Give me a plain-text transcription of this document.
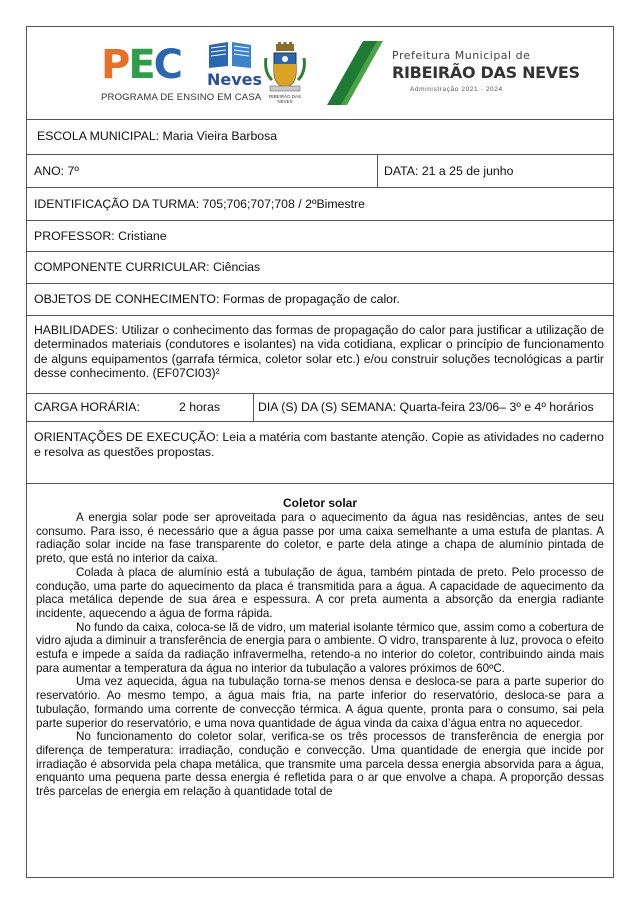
PEC Neves
PROGRAMA DE ENSINO EM CASA	RIBEIRÃO DAS NEVES
Prefeitura Municipal de
RIBEIRÃO DAS NEVES
Administração 2021 · 2024
ESCOLA MUNICIPAL: Maria Vieira Barbosa
ANO: 7º	DATA: 21 a 25 de junho
IDENTIFICAÇÃO DA TURMA: 705;706;707;708 / 2ºBimestre
PROFESSOR: Cristiane
COMPONENTE CURRICULAR: Ciências
OBJETOS DE CONHECIMENTO: Formas de propagação de calor.
HABILIDADES: Utilizar o conhecimento das formas de propagação do calor para justificar a utilização de determinados materiais (condutores e isolantes) na vida cotidiana, explicar o princípio de funcionamento de alguns equipamentos (garrafa térmica, coletor solar etc.) e/ou construir soluções tecnológicas a partir desse conhecimento. (EF07CI03)²
CARGA HORÁRIA:	2 horas	DIA (S) DA (S) SEMANA: Quarta-feira 23/06– 3º e 4º horários
ORIENTAÇÕES DE EXECUÇÃO: Leia a matéria com bastante atenção. Copie as atividades no caderno e resolva as questões propostas.
Coletor solar

A energia solar pode ser aproveitada para o aquecimento da água nas residências, antes de seu consumo. Para isso, é necessário que a água passe por uma caixa semelhante a uma estufa de plantas. A radiação solar incide na fase transparente do coletor, e parte dela atinge a chapa de alumínio pintada de preto, que está no interior da caixa.

Colada à placa de alumínio está a tubulação de água, também pintada de preto. Pelo processo de condução, uma parte do aquecimento da placa é transmitida para a água. A capacidade de aquecimento da placa metálica depende de sua área e espessura. A cor preta aumenta a absorção da energia radiante incidente, aquecendo a água de forma rápida.

No fundo da caixa, coloca-se lã de vidro, um material isolante térmico que, assim como a cobertura de vidro ajuda a diminuir a transferência de energia para o ambiente. O vidro, transparente à luz, provoca o efeito estufa e impede a saída da radiação infravermelha, retendo-a no interior do coletor, contribuindo ainda mais para aumentar a temperatura da água no interior da tubulação a valores próximos de 60ºC.

Uma vez aquecida, água na tubulação torna-se menos densa e desloca-se para a parte superior do reservatório. Ao mesmo tempo, a água mais fria, na parte inferior do reservatório, desloca-se para a tubulação, formando uma corrente de convecção térmica. A água quente, pronta para o consumo, sai pela parte superior do reservatório, e uma nova quantidade de água vinda da caixa d’água entra no aquecedor.

No funcionamento do coletor solar, verifica-se os três processos de transferência de energia por diferença de temperatura: irradiação, condução e convecção. Uma quantidade de energia que incide por irradiação é absorvida pela chapa metálica, que transmite uma parcela dessa energia absorvida para a água, enquanto uma pequena parte dessa energia é refletida para o ar que envolve a chapa. A proporção dessas três parcelas de energia em relação à quantidade total de
